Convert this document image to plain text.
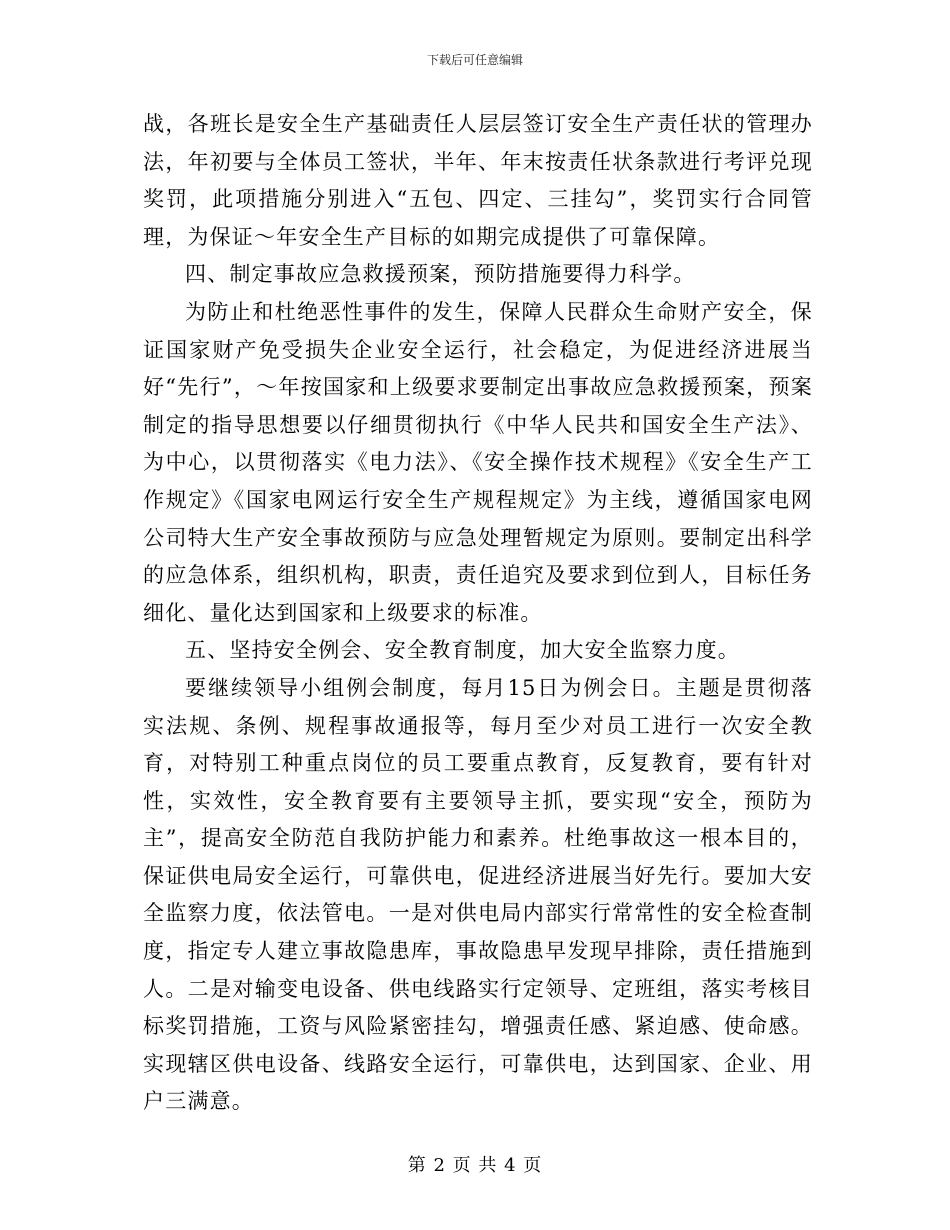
下载后可任意编辑

战，各班长是安全生产基础责任人层层签订安全生产责任状的管理办法，年初要与全体员工签状，半年、年末按责任状条款进行考评兑现奖罚，此项措施分别进入“五包、四定、三挂勾”，奖罚实行合同管理，为保证～年安全生产目标的如期完成提供了可靠保障。

四、制定事故应急救援预案，预防措施要得力科学。

为防止和杜绝恶性事件的发生，保障人民群众生命财产安全，保证国家财产免受损失企业安全运行，社会稳定，为促进经济进展当好“先行”，～年按国家和上级要求要制定出事故应急救援预案，预案制定的指导思想要以仔细贯彻执行《中华人民共和国安全生产法》、为中心，以贯彻落实《电力法》、《安全操作技术规程》《安全生产工作规定》《国家电网运行安全生产规程规定》为主线，遵循国家电网公司特大生产安全事故预防与应急处理暂规定为原则。要制定出科学的应急体系，组织机构，职责，责任追究及要求到位到人，目标任务细化、量化达到国家和上级要求的标准。

五、坚持安全例会、安全教育制度，加大安全监察力度。

要继续领导小组例会制度，每月15日为例会日。主题是贯彻落实法规、条例、规程事故通报等，每月至少对员工进行一次安全教育，对特别工种重点岗位的员工要重点教育，反复教育，要有针对性，实效性，安全教育要有主要领导主抓，要实现“安全，预防为主”，提高安全防范自我防护能力和素养。杜绝事故这一根本目的，保证供电局安全运行，可靠供电，促进经济进展当好先行。要加大安全监察力度，依法管电。一是对供电局内部实行常常性的安全检查制度，指定专人建立事故隐患库，事故隐患早发现早排除，责任措施到人。二是对输变电设备、供电线路实行定领导、定班组，落实考核目标奖罚措施，工资与风险紧密挂勾，增强责任感、紧迫感、使命感。实现辖区供电设备、线路安全运行，可靠供电，达到国家、企业、用户三满意。

第 2 页 共 4 页
